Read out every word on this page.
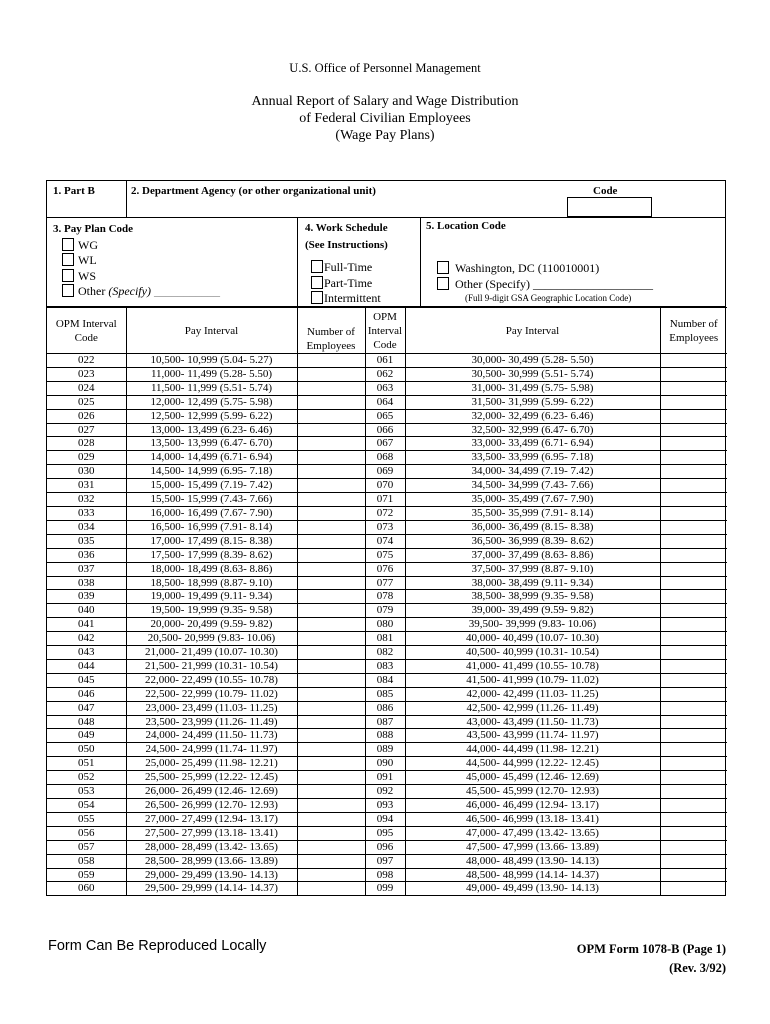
U.S. Office of Personnel Management
Annual Report of Salary and Wage Distribution
of Federal Civilian Employees
(Wage Pay Plans)
1. Part B	2. Department Agency (or other organizational unit)	Code
3. Pay Plan Code
WG
WL
WS
Other (Specify) ___________
4. Work Schedule
(See Instructions)
Full-Time
Part-Time
Intermittent
5. Location Code
Washington, DC (110010001)
Other (Specify) ____________________
(Full 9-digit GSA Geographic Location Code)
OPM Interval Code	Pay Interval	Number of Employees	OPM Interval Code	Pay Interval	Number of Employees
022	10,500- 10,999 (5.04- 5.27)		061	30,000- 30,499 (5.28- 5.50)	
023	11,000- 11,499 (5.28- 5.50)		062	30,500- 30,999 (5.51- 5.74)	
024	11,500- 11,999 (5.51- 5.74)		063	31,000- 31,499 (5.75- 5.98)	
025	12,000- 12,499 (5.75- 5.98)		064	31,500- 31,999 (5.99- 6.22)	
026	12,500- 12,999 (5.99- 6.22)		065	32,000- 32,499 (6.23- 6.46)	
027	13,000- 13,499 (6.23- 6.46)		066	32,500- 32,999 (6.47- 6.70)	
028	13,500- 13,999 (6.47- 6.70)		067	33,000- 33,499 (6.71- 6.94)	
029	14,000- 14,499 (6.71- 6.94)		068	33,500- 33,999 (6.95- 7.18)	
030	14,500- 14,999 (6.95- 7.18)		069	34,000- 34,499 (7.19- 7.42)	
031	15,000- 15,499 (7.19- 7.42)		070	34,500- 34,999 (7.43- 7.66)	
032	15,500- 15,999 (7.43- 7.66)		071	35,000- 35,499 (7.67- 7.90)	
033	16,000- 16,499 (7.67- 7.90)		072	35,500- 35,999 (7.91- 8.14)	
034	16,500- 16,999 (7.91- 8.14)		073	36,000- 36,499 (8.15- 8.38)	
035	17,000- 17,499 (8.15- 8.38)		074	36,500- 36,999 (8.39- 8.62)	
036	17,500- 17,999 (8.39- 8.62)		075	37,000- 37,499 (8.63- 8.86)	
037	18,000- 18,499 (8.63- 8.86)		076	37,500- 37,999 (8.87- 9.10)	
038	18,500- 18,999 (8.87- 9.10)		077	38,000- 38,499 (9.11- 9.34)	
039	19,000- 19,499 (9.11- 9.34)		078	38,500- 38,999 (9.35- 9.58)	
040	19,500- 19,999 (9.35- 9.58)		079	39,000- 39,499 (9.59- 9.82)	
041	20,000- 20,499 (9.59- 9.82)		080	39,500- 39,999 (9.83- 10.06)	
042	20,500- 20,999 (9.83- 10.06)		081	40,000- 40,499 (10.07- 10.30)	
043	21,000- 21,499 (10.07- 10.30)		082	40,500- 40,999 (10.31- 10.54)	
044	21,500- 21,999 (10.31- 10.54)		083	41,000- 41,499 (10.55- 10.78)	
045	22,000- 22,499 (10.55- 10.78)		084	41,500- 41,999 (10.79- 11.02)	
046	22,500- 22,999 (10.79- 11.02)		085	42,000- 42,499 (11.03- 11.25)	
047	23,000- 23,499 (11.03- 11.25)		086	42,500- 42,999 (11.26- 11.49)	
048	23,500- 23,999 (11.26- 11.49)		087	43,000- 43,499 (11.50- 11.73)	
049	24,000- 24,499 (11.50- 11.73)		088	43,500- 43,999 (11.74- 11.97)	
050	24,500- 24,999 (11.74- 11.97)		089	44,000- 44,499 (11.98- 12.21)	
051	25,000- 25,499 (11.98- 12.21)		090	44,500- 44,999 (12.22- 12.45)	
052	25,500- 25,999 (12.22- 12.45)		091	45,000- 45,499 (12.46- 12.69)	
053	26,000- 26,499 (12.46- 12.69)		092	45,500- 45,999 (12.70- 12.93)	
054	26,500- 26,999 (12.70- 12.93)		093	46,000- 46,499 (12.94- 13.17)	
055	27,000- 27,499 (12.94- 13.17)		094	46,500- 46,999 (13.18- 13.41)	
056	27,500- 27,999 (13.18- 13.41)		095	47,000- 47,499 (13.42- 13.65)	
057	28,000- 28,499 (13.42- 13.65)		096	47,500- 47,999 (13.66- 13.89)	
058	28,500- 28,999 (13.66- 13.89)		097	48,000- 48,499 (13.90- 14.13)	
059	29,000- 29,499 (13.90- 14.13)		098	48,500- 48,999 (14.14- 14.37)	
060	29,500- 29,999 (14.14- 14.37)		099	49,000- 49,499 (13.90- 14.13)	
Form Can Be Reproduced Locally	OPM Form 1078-B (Page 1)
(Rev. 3/92)
